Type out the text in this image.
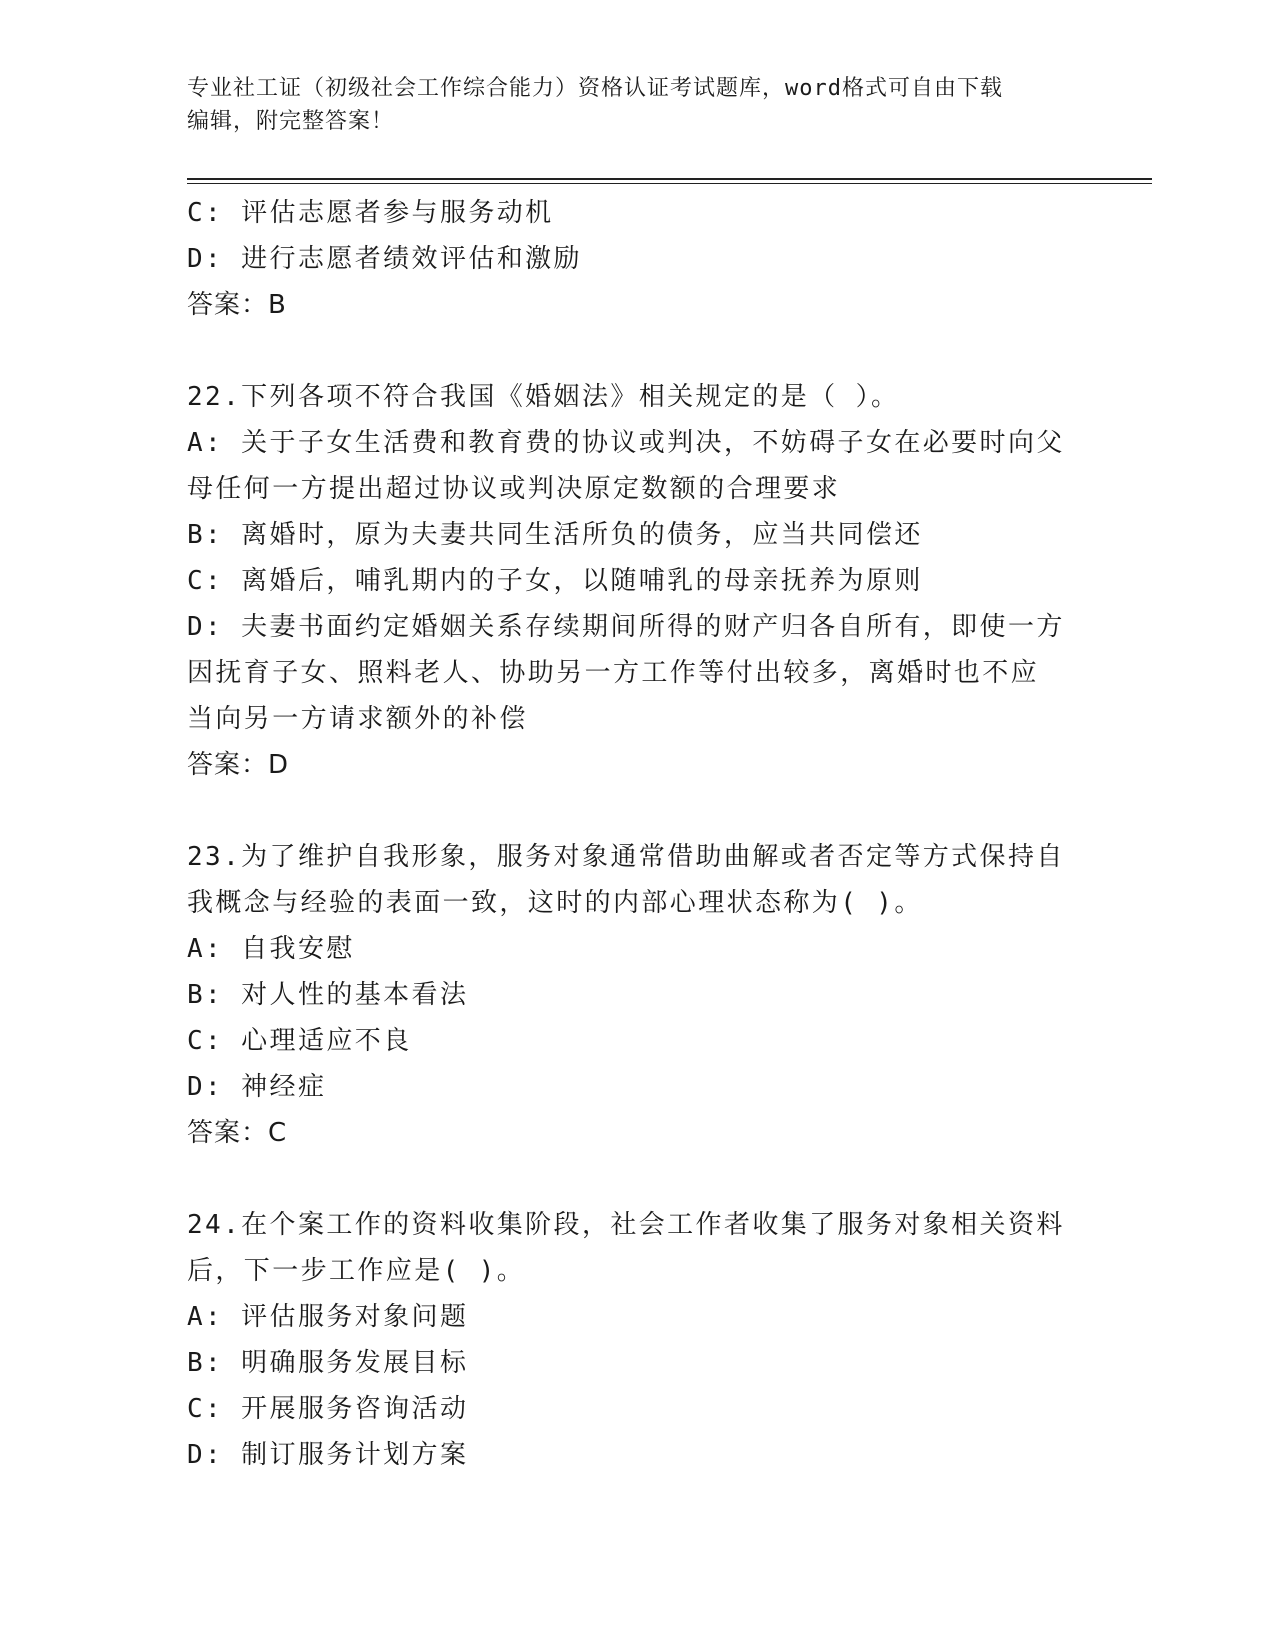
专业社工证（初级社会工作综合能力）资格认证考试题库，word格式可自由下载
编辑，附完整答案！
C: 评估志愿者参与服务动机
D: 进行志愿者绩效评估和激励
答案：B
22.下列各项不符合我国《婚姻法》相关规定的是（ ）。
A: 关于子女生活费和教育费的协议或判决，不妨碍子女在必要时向父
母任何一方提出超过协议或判决原定数额的合理要求
B: 离婚时，原为夫妻共同生活所负的债务，应当共同偿还
C: 离婚后，哺乳期内的子女，以随哺乳的母亲抚养为原则
D: 夫妻书面约定婚姻关系存续期间所得的财产归各自所有，即使一方
因抚育子女、照料老人、协助另一方工作等付出较多，离婚时也不应
当向另一方请求额外的补偿
答案：D
23.为了维护自我形象，服务对象通常借助曲解或者否定等方式保持自
我概念与经验的表面一致，这时的内部心理状态称为( )。
A: 自我安慰
B: 对人性的基本看法
C: 心理适应不良
D: 神经症
答案：C
24.在个案工作的资料收集阶段，社会工作者收集了服务对象相关资料
后，下一步工作应是( )。
A: 评估服务对象问题
B: 明确服务发展目标
C: 开展服务咨询活动
D: 制订服务计划方案
